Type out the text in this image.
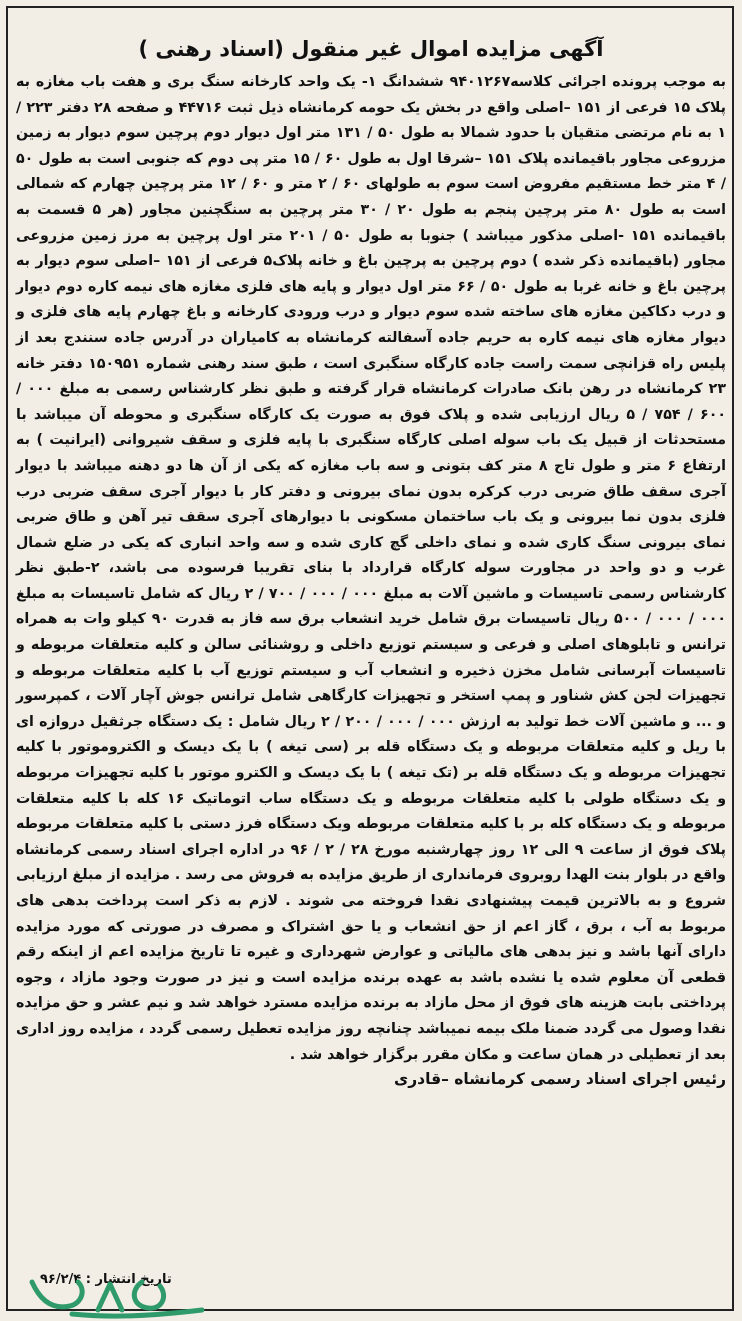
آگهی مزایده اموال غیر منقول (اسناد رهنی )

به موجب پرونده اجرائی کلاسه۹۴۰۱۲۶۷ ششدانگ ۱- یک واحد کارخانه سنگ بری و هفت باب مغازه به پلاک ۱۵ فرعی از ۱۵۱ –اصلی واقع در بخش یک حومه کرمانشاه ذیل ثبت ۴۴۷۱۶ و صفحه ۲۸ دفتر ۲۲۳ / ۱ به نام مرتضی متقیان با حدود شمالا به طول ۵۰ / ۱۳۱ متر اول دیوار دوم پرچین سوم دیوار به زمین مزروعی مجاور باقیمانده پلاک ۱۵۱ –شرقا اول به طول ۶۰ / ۱۵ متر پی دوم که جنوبی است به طول ۵۰ / ۴ متر خط مستقیم مفروض است سوم به طولهای ۶۰ / ۲ متر و ۶۰ / ۱۲ متر پرچین چهارم که شمالی است به طول ۸۰ متر پرچین پنجم به طول ۲۰ / ۳۰ متر پرچین به سنگچنین مجاور (هر ۵ قسمت به باقیمانده ۱۵۱ -اصلی مذکور میباشد ) جنوبا به طول ۵۰ / ۲۰۱ متر اول پرچین به مرز زمین مزروعی مجاور (باقیمانده ذکر شده ) دوم پرچین به پرچین باغ و خانه پلاک۵ فرعی از ۱۵۱ –اصلی سوم دیوار به پرچین باغ و خانه غربا به طول ۵۰ / ۶۶ متر اول دیوار و پایه های فلزی مغازه های نیمه کاره دوم دیوار و درب دکاکین مغازه های ساخته شده سوم دیوار و درب ورودی کارخانه و باغ چهارم پایه های فلزی و دیوار مغازه های نیمه کاره به حریم جاده آسفالته کرمانشاه به کامیاران در آدرس جاده سنندج بعد از پلیس راه قزانچی سمت راست جاده کارگاه سنگبری است ، طبق سند رهنی شماره ۱۵۰۹۵۱ دفتر خانه ۲۳ کرمانشاه در رهن بانک صادرات کرمانشاه قرار گرفته و طبق نظر کارشناس رسمی به مبلغ ۰۰۰ / ۶۰۰ / ۷۵۴ / ۵ ریال ارزیابی شده و پلاک فوق به صورت یک کارگاه سنگبری و محوطه آن میباشد با مستحدثات از قبیل یک باب سوله اصلی کارگاه سنگبری با پایه فلزی و سقف شیروانی (ایرانیت ) به ارتفاع ۶ متر و طول تاج ۸ متر کف بتونی و سه باب مغازه که یکی از آن ها دو دهنه میباشد با دیوار آجری سقف طاق ضربی درب کرکره بدون نمای بیرونی و دفتر کار با دیوار آجری سقف ضربی درب فلزی بدون نما بیرونی و یک باب ساختمان مسکونی با دیوارهای آجری سقف تیر آهن و طاق ضربی نمای بیرونی سنگ کاری شده و نمای داخلی گچ کاری شده و سه واحد انباری که یکی در ضلع شمال غرب و دو واحد در مجاورت سوله کارگاه قرارداد با بنای تقریبا فرسوده می باشد، ۲-طبق نظر کارشناس رسمی تاسیسات و ماشین آلات به مبلغ ۰۰۰ / ۰۰۰ / ۷۰۰ / ۲ ریال که شامل تاسیسات به مبلغ ۰۰۰ / ۰۰۰ / ۵۰۰ ریال تاسیسات برق شامل خرید انشعاب برق سه فاز به قدرت ۹۰ کیلو وات به همراه ترانس و تابلوهای اصلی و فرعی و سیستم توزیع داخلی و روشنائی سالن و کلیه متعلقات مربوطه و تاسیسات آبرسانی شامل مخزن ذخیره و انشعاب آب و سیستم توزیع آب با کلیه متعلقات مربوطه و تجهیزات لجن کش شناور و پمپ استخر و تجهیزات کارگاهی شامل ترانس جوش آچار آلات ، کمپرسور و ... و ماشین آلات خط تولید به ارزش ۰۰۰ / ۰۰۰ / ۲۰۰ / ۲ ریال شامل : یک دستگاه جرثقیل دروازه ای با ریل و کلیه متعلقات مربوطه و یک دستگاه قله بر (سی تیغه ) با یک دیسک و الکتروموتور با کلیه تجهیزات مربوطه و یک دستگاه قله بر (تک تیغه ) با یک دیسک و الکترو موتور با کلیه تجهیزات مربوطه و یک دستگاه طولی با کلیه متعلقات مربوطه و یک دستگاه ساب اتوماتیک ۱۶ کله با کلیه متعلقات مربوطه و یک دستگاه کله بر با کلیه متعلقات مربوطه ویک دستگاه فرز دستی با کلیه متعلقات مربوطه پلاک فوق از ساعت ۹ الی ۱۲ روز چهارشنبه مورخ ۲۸ / ۲ / ۹۶ در اداره اجرای اسناد رسمی کرمانشاه واقع در بلوار بنت الهدا روبروی فرمانداری از طریق مزایده به فروش می رسد . مزایده از مبلغ ارزیابی شروع و به بالاترین قیمت پیشنهادی نقدا فروخته می شوند . لازم به ذکر است پرداخت بدهی های مربوط به آب ، برق ، گاز اعم از حق انشعاب و یا حق اشتراک و مصرف در صورتی که مورد مزایده دارای آنها باشد و نیز بدهی های مالیاتی و عوارض شهرداری و غیره تا تاریخ مزایده اعم از اینکه رقم قطعی آن معلوم شده یا نشده باشد به عهده برنده مزایده است و نیز در صورت وجود مازاد ، وجوه پرداختی بابت هزینه های فوق از محل مازاد به برنده مزایده مسترد خواهد شد و نیم عشر و حق مزایده نقدا وصول می گردد ضمنا ملک بیمه نمیباشد چنانچه روز مزایده تعطیل رسمی گردد ، مزایده روز اداری بعد از تعطیلی در همان ساعت و مکان مقرر برگزار خواهد شد .

رئیس اجرای اسناد رسمی کرمانشاه –قادری
تاریخ انتشار : ۹۶/۲/۴
